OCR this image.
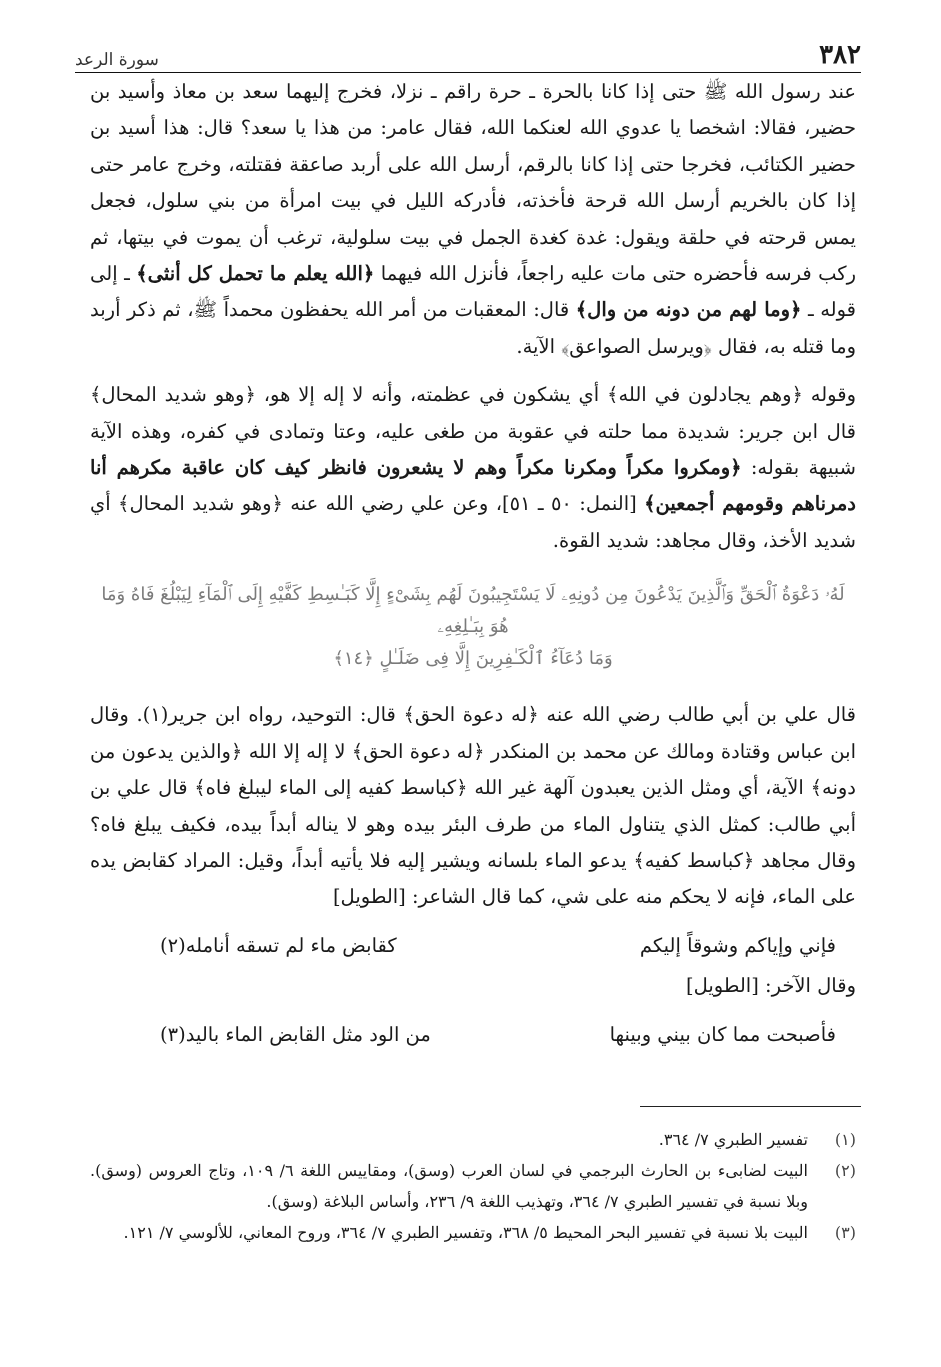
٣٨٢
سورة الرعد

عند رسول الله ﷺ حتى إذا كانا بالحرة ـ حرة راقم ـ نزلا، فخرج إليهما سعد بن معاذ وأسيد بن حضير، فقالا: اشخصا يا عدوي الله لعنكما الله، فقال عامر: من هذا يا سعد؟ قال: هذا أسيد بن حضير الكتائب، فخرجا حتى إذا كانا بالرقم، أرسل الله على أربد صاعقة فقتلته، وخرج عامر حتى إذا كان بالخريم أرسل الله قرحة فأخذته، فأدركه الليل في بيت امرأة من بني سلول، فجعل يمس قرحته في حلقة ويقول: غدة كغدة الجمل في بيت سلولية، ترغب أن يموت في بيتها، ثم ركب فرسه فأحضره حتى مات عليه راجعاً، فأنزل الله فيهما ﴿الله يعلم ما تحمل كل أنثى﴾ ـ إلى قوله ـ ﴿وما لهم من دونه من وال﴾ قال: المعقبات من أمر الله يحفظون محمداً ﷺ، ثم ذكر أربد وما قتله به، فقال ﴿ويرسل الصواعق﴾ الآية.

وقوله ﴿وهم يجادلون في الله﴾ أي يشكون في عظمته، وأنه لا إله إلا هو، ﴿وهو شديد المحال﴾ قال ابن جرير: شديدة مما حلته في عقوبة من طغى عليه، وعتا وتمادى في كفره، وهذه الآية شبيهة بقوله: ﴿ومكروا مكراً ومكرنا مكراً وهم لا يشعرون فانظر كيف كان عاقبة مكرهم أنا دمرناهم وقومهم أجمعين﴾ [النمل: ٥٠ ـ ٥١]، وعن علي رضي الله عنه ﴿وهو شديد المحال﴾ أي شديد الأخذ، وقال مجاهد: شديد القوة.

لَهُۥ دَعْوَةُ ٱلْحَقِّ وَٱلَّذِينَ يَدْعُونَ مِن دُونِهِۦ لَا يَسْتَجِيبُونَ لَهُم بِشَىْءٍ إِلَّا كَبَـٰسِطِ كَفَّيْهِ إِلَى ٱلْمَآءِ لِيَبْلُغَ فَاهُ وَمَا هُوَ بِبَـٰلِغِهِۦ
وَمَا دُعَآءُ ٱلْكَـٰفِرِينَ إِلَّا فِى ضَلَـٰلٍ ﴿١٤﴾

قال علي بن أبي طالب رضي الله عنه ﴿له دعوة الحق﴾ قال: التوحيد، رواه ابن جرير(١). وقال ابن عباس وقتادة ومالك عن محمد بن المنكدر ﴿له دعوة الحق﴾ لا إله إلا الله ﴿والذين يدعون من دونه﴾ الآية، أي ومثل الذين يعبدون آلهة غير الله ﴿كباسط كفيه إلى الماء ليبلغ فاه﴾ قال علي بن أبي طالب: كمثل الذي يتناول الماء من طرف البئر بيده وهو لا يناله أبداً بيده، فكيف يبلغ فاه؟ وقال مجاهد ﴿كباسط كفيه﴾ يدعو الماء بلسانه ويشير إليه فلا يأتيه أبداً، وقيل: المراد كقابض يده على الماء، فإنه لا يحكم منه على شي، كما قال الشاعر: [الطويل]

فإني وإياكم وشوقاً إليكم
كقابض ماء لم تسقه أنامله(٢)

وقال الآخر: [الطويل]

فأصبحت مما كان بيني وبينها
من الود مثل القابض الماء باليد(٣)
(١)
تفسير الطبري ٧/ ٣٦٤.
(٢)
البيت لضابىء بن الحارث البرجمي في لسان العرب (وسق)، ومقاييس اللغة ٦/ ١٠٩، وتاج العروس (وسق). وبلا نسبة في تفسير الطبري ٧/ ٣٦٤، وتهذيب اللغة ٩/ ٢٣٦، وأساس البلاغة (وسق).
(٣)
البيت بلا نسبة في تفسير البحر المحيط ٥/ ٣٦٨، وتفسير الطبري ٧/ ٣٦٤، وروح المعاني، للألوسي ٧/ ١٢١.
